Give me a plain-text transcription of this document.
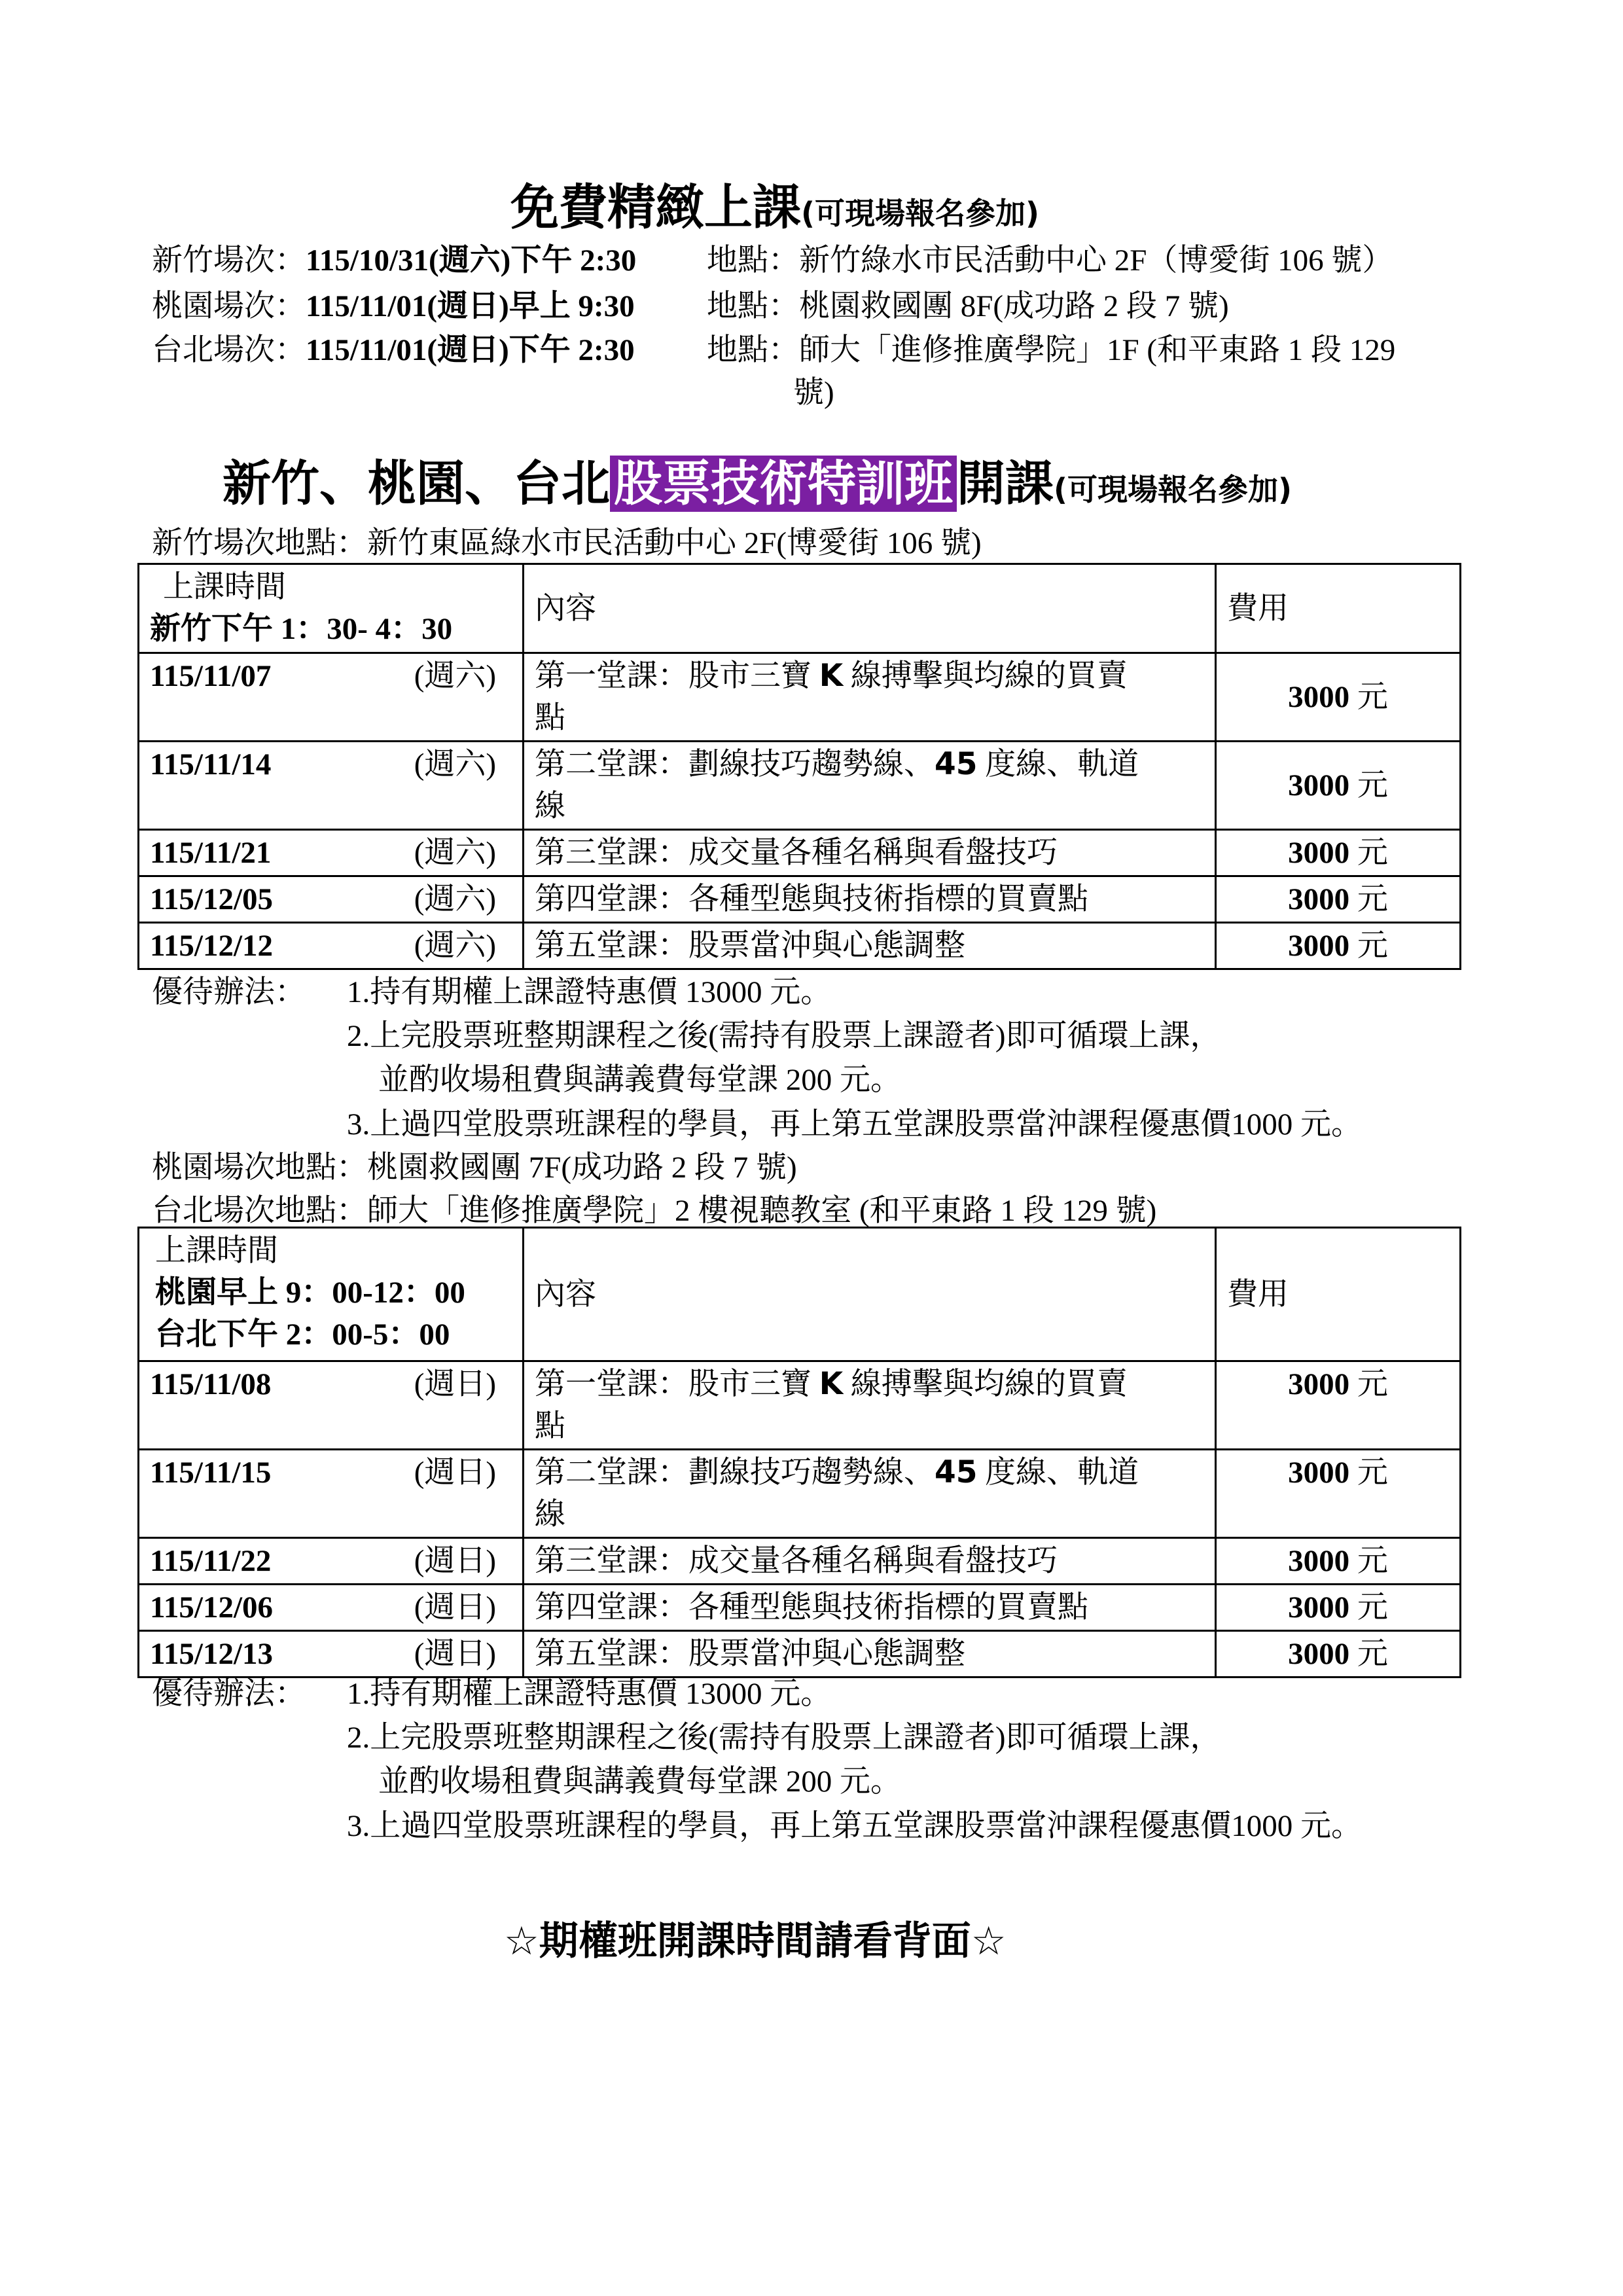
免費精緻上課(可現場報名參加)
新竹場次：115/10/31(週六)下午 2:30 地點：新竹綠水市民活動中心 2F（博愛街 106 號）
桃園場次：115/11/01(週日)早上 9:30 地點：桃園救國團 8F(成功路 2 段 7 號)
台北場次：115/11/01(週日)下午 2:30 地點：師大「進修推廣學院」1F (和平東路 1 段 129
號)
新竹、桃園、台北股票技術特訓班開課(可現場報名參加)
新竹場次地點：新竹東區綠水市民活動中心 2F(博愛街 106 號)
上課時間
新竹下午 1：30- 4：30	內容	費用
115/11/07 (週六)	第一堂課：股市三寶 K 線搏擊與均線的買賣
點	3000 元
115/11/14 (週六)	第二堂課：劃線技巧趨勢線、45 度線、軌道
線	3000 元
115/11/21 (週六)	第三堂課：成交量各種名稱與看盤技巧	3000 元
115/12/05 (週六)	第四堂課：各種型態與技術指標的買賣點	3000 元
115/12/12 (週六)	第五堂課：股票當沖與心態調整	3000 元
優待辦法： 1.持有期權上課證特惠價 13000 元。
2.上完股票班整期課程之後(需持有股票上課證者)即可循環上課，
並酌收場租費與講義費每堂課 200 元。
3.上過四堂股票班課程的學員，再上第五堂課股票當沖課程優惠價1000 元。
桃園場次地點：桃園救國團 7F(成功路 2 段 7 號)
台北場次地點：師大「進修推廣學院」2 樓視聽教室 (和平東路 1 段 129 號)
上課時間
桃園早上 9：00-12：00
台北下午 2：00-5：00	內容	費用
115/11/08 (週日)	第一堂課：股市三寶 K 線搏擊與均線的買賣
點	3000 元
115/11/15 (週日)	第二堂課：劃線技巧趨勢線、45 度線、軌道
線	3000 元
115/11/22 (週日)	第三堂課：成交量各種名稱與看盤技巧	3000 元
115/12/06 (週日)	第四堂課：各種型態與技術指標的買賣點	3000 元
115/12/13 (週日)	第五堂課：股票當沖與心態調整	3000 元
優待辦法： 1.持有期權上課證特惠價 13000 元。
2.上完股票班整期課程之後(需持有股票上課證者)即可循環上課，
並酌收場租費與講義費每堂課 200 元。
3.上過四堂股票班課程的學員，再上第五堂課股票當沖課程優惠價1000 元。
☆期權班開課時間請看背面☆
